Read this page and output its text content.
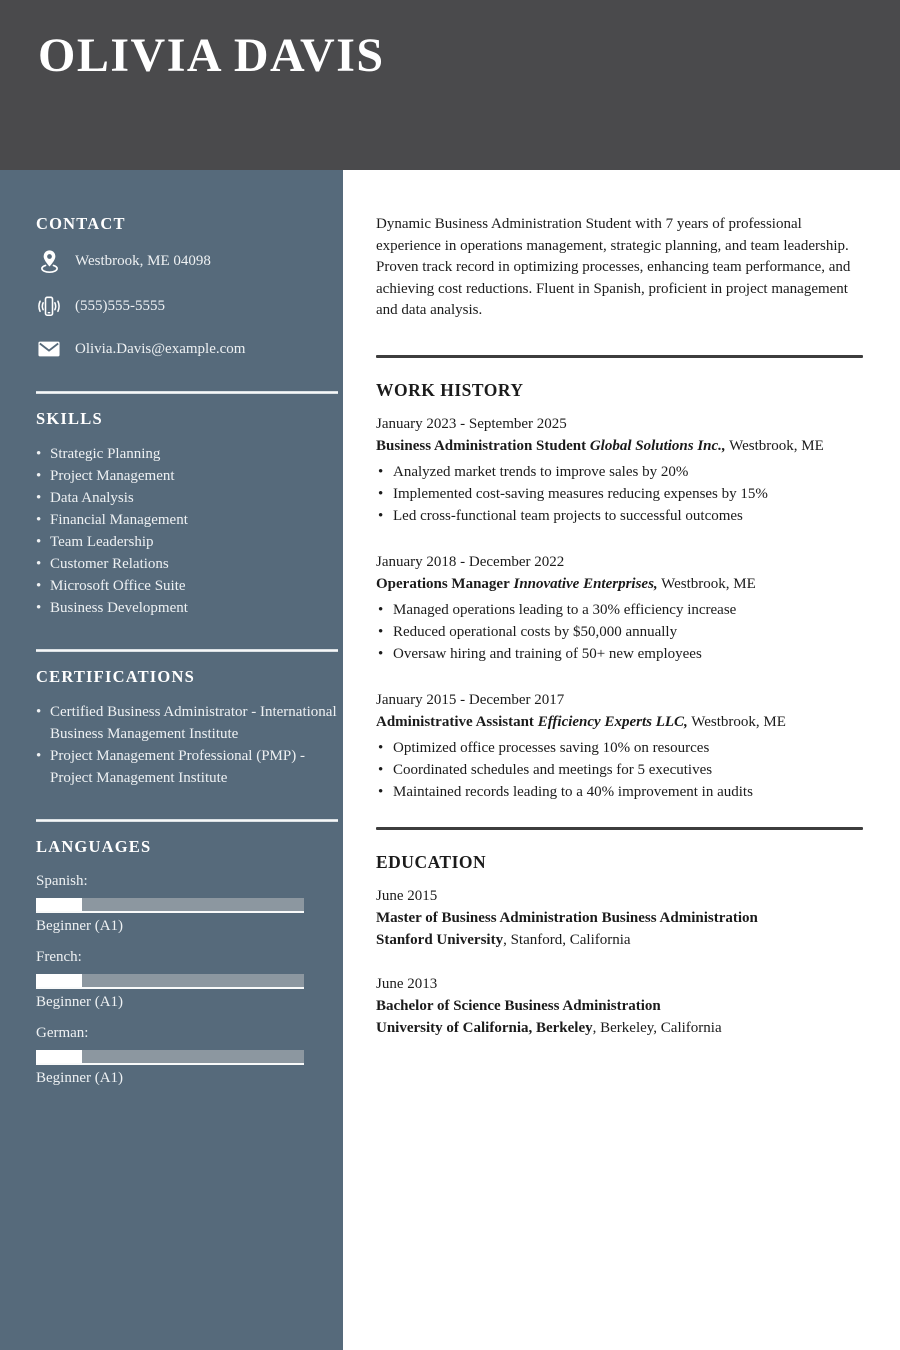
OLIVIA DAVIS
CONTACT
Westbrook, ME 04098
(555)555-5555
Olivia.Davis@example.com
SKILLS
• Strategic Planning
• Project Management
• Data Analysis
• Financial Management
• Team Leadership
• Customer Relations
• Microsoft Office Suite
• Business Development
CERTIFICATIONS
• Certified Business Administrator - International Business Management Institute
• Project Management Professional (PMP) - Project Management Institute
LANGUAGES

Spanish:

Beginner (A1)

French:

Beginner (A1)

German:

Beginner (A1)

Dynamic Business Administration Student with 7 years of professional experience in operations management, strategic planning, and team leadership. Proven track record in optimizing processes, enhancing team performance, and achieving cost reductions. Fluent in Spanish, proficient in project management and data analysis.

WORK HISTORY

January 2023 - September 2025

Business Administration Student Global Solutions Inc., Westbrook, ME

• Analyzed market trends to improve sales by 20%
• Implemented cost-saving measures reducing expenses by 15%
• Led cross-functional team projects to successful outcomes

January 2018 - December 2022

Operations Manager Innovative Enterprises, Westbrook, ME

• Managed operations leading to a 30% efficiency increase
• Reduced operational costs by $50,000 annually
• Oversaw hiring and training of 50+ new employees

January 2015 - December 2017

Administrative Assistant Efficiency Experts LLC, Westbrook, ME

• Optimized office processes saving 10% on resources
• Coordinated schedules and meetings for 5 executives
• Maintained records leading to a 40% improvement in audits
EDUCATION

June 2015

Master of Business Administration Business Administration

Stanford University, Stanford, California

June 2013

Bachelor of Science Business Administration

University of California, Berkeley, Berkeley, California
